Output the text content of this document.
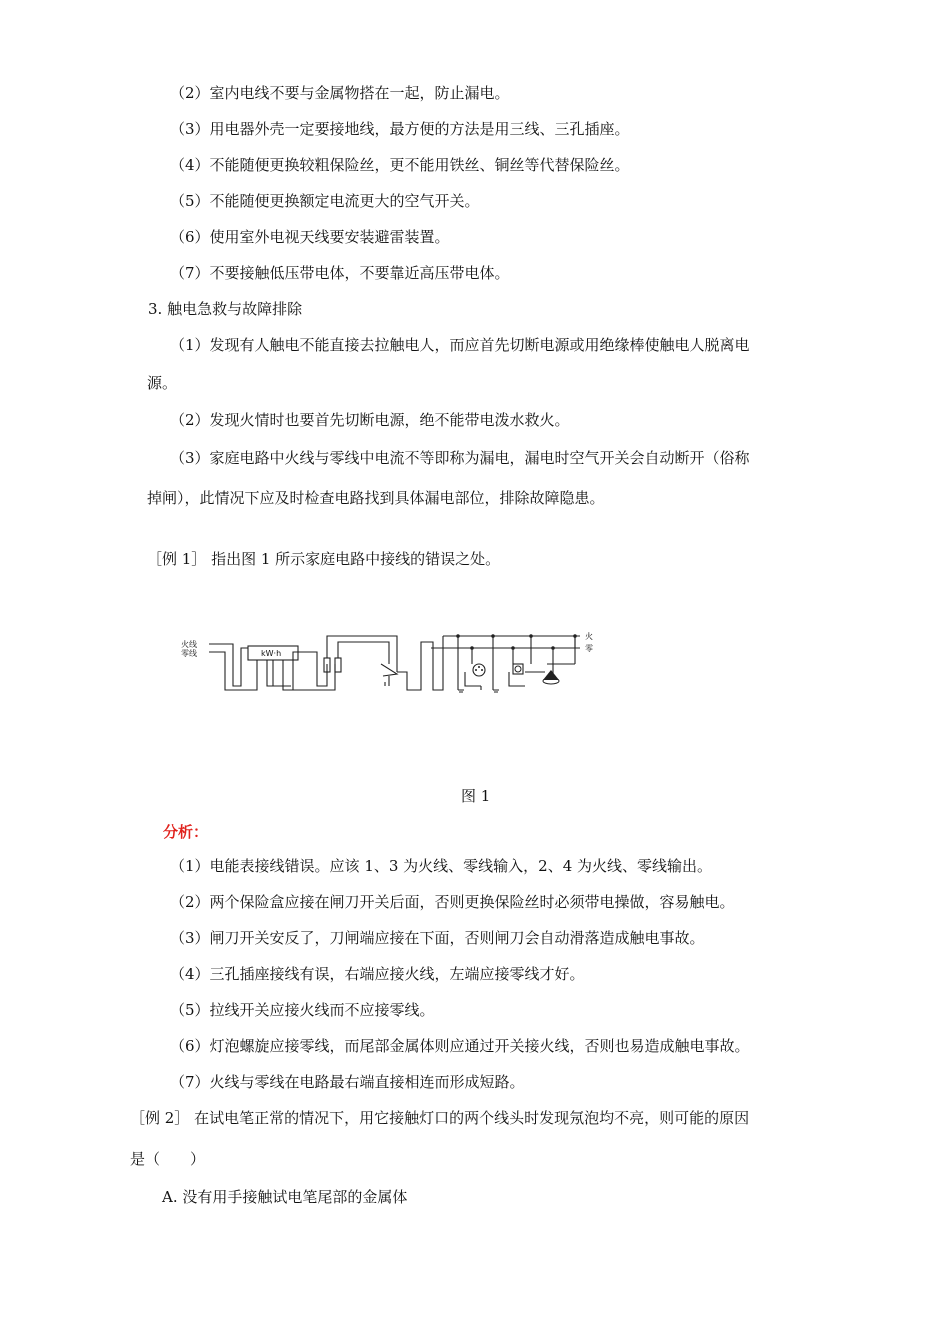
（2）室内电线不要与金属物搭在一起，防止漏电。
（3）用电器外壳一定要接地线，最方便的方法是用三线、三孔插座。
（4）不能随便更换较粗保险丝，更不能用铁丝、铜丝等代替保险丝。
（5）不能随便更换额定电流更大的空气开关。
（6）使用室外电视天线要安装避雷装置。
（7）不要接触低压带电体，不要靠近高压带电体。
3. 触电急救与故障排除
（1）发现有人触电不能直接去拉触电人，而应首先切断电源或用绝缘棒使触电人脱离电
源。
（2）发现火情时也要首先切断电源，绝不能带电泼水救火。
（3）家庭电路中火线与零线中电流不等即称为漏电，漏电时空气开关会自动断开（俗称
掉闸），此情况下应及时检查电路找到具体漏电部位，排除故障隐患。
［例 1］ 指出图 1 所示家庭电路中接线的错误之处。
火线
零线	kW·h
火
零
图 1
分析：
（1）电能表接线错误。应该 1、3 为火线、零线输入，2、4 为火线、零线输出。
（2）两个保险盒应接在闸刀开关后面，否则更换保险丝时必须带电操做，容易触电。
（3）闸刀开关安反了，刀闸端应接在下面，否则闸刀会自动滑落造成触电事故。
（4）三孔插座接线有误，右端应接火线，左端应接零线才好。
（5）拉线开关应接火线而不应接零线。
（6）灯泡螺旋应接零线，而尾部金属体则应通过开关接火线，否则也易造成触电事故。
（7）火线与零线在电路最右端直接相连而形成短路。
［例 2］ 在试电笔正常的情况下，用它接触灯口的两个线头时发现氖泡均不亮，则可能的原因
是（　　）
A. 没有用手接触试电笔尾部的金属体
